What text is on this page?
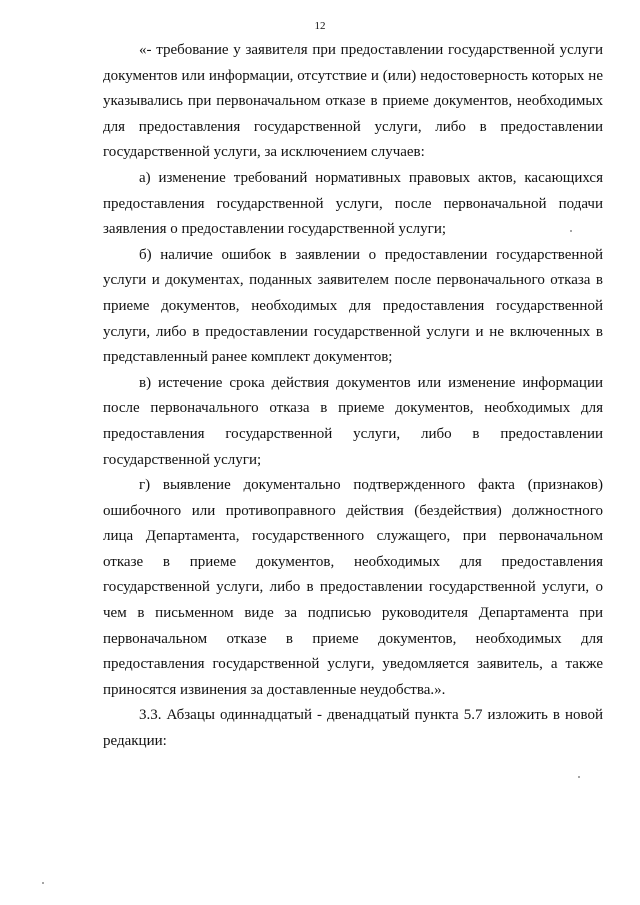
12

«- требование у заявителя при предоставлении государственной услуги документов или информации, отсутствие и (или) недостоверность которых не указывались при первоначальном отказе в приеме документов, необходимых для предоставления государственной услуги, либо в предоставлении государственной услуги, за исключением случаев:

а) изменение требований нормативных правовых актов, касающихся предоставления государственной услуги, после первоначальной подачи заявления о предоставлении государственной услуги;

б) наличие ошибок в заявлении о предоставлении государственной услуги и документах, поданных заявителем после первоначального отказа в приеме документов, необходимых для предоставления государственной услуги, либо в предоставлении государственной услуги и не включенных в представленный ранее комплект документов;

в) истечение срока действия документов или изменение информации после первоначального отказа в приеме документов, необходимых для предоставления государственной услуги, либо в предоставлении государственной услуги;

г) выявление документально подтвержденного факта (признаков) ошибочного или противоправного действия (бездействия) должностного лица Департамента, государственного служащего, при первоначальном отказе в приеме документов, необходимых для предоставления государственной услуги, либо в предоставлении государственной услуги, о чем в письменном виде за подписью руководителя Департамента при первоначальном отказе в приеме документов, необходимых для предоставления государственной услуги, уведомляется заявитель, а также приносятся извинения за доставленные неудобства.».

3.3. Абзацы одиннадцатый - двенадцатый пункта 5.7 изложить в новой редакции:
